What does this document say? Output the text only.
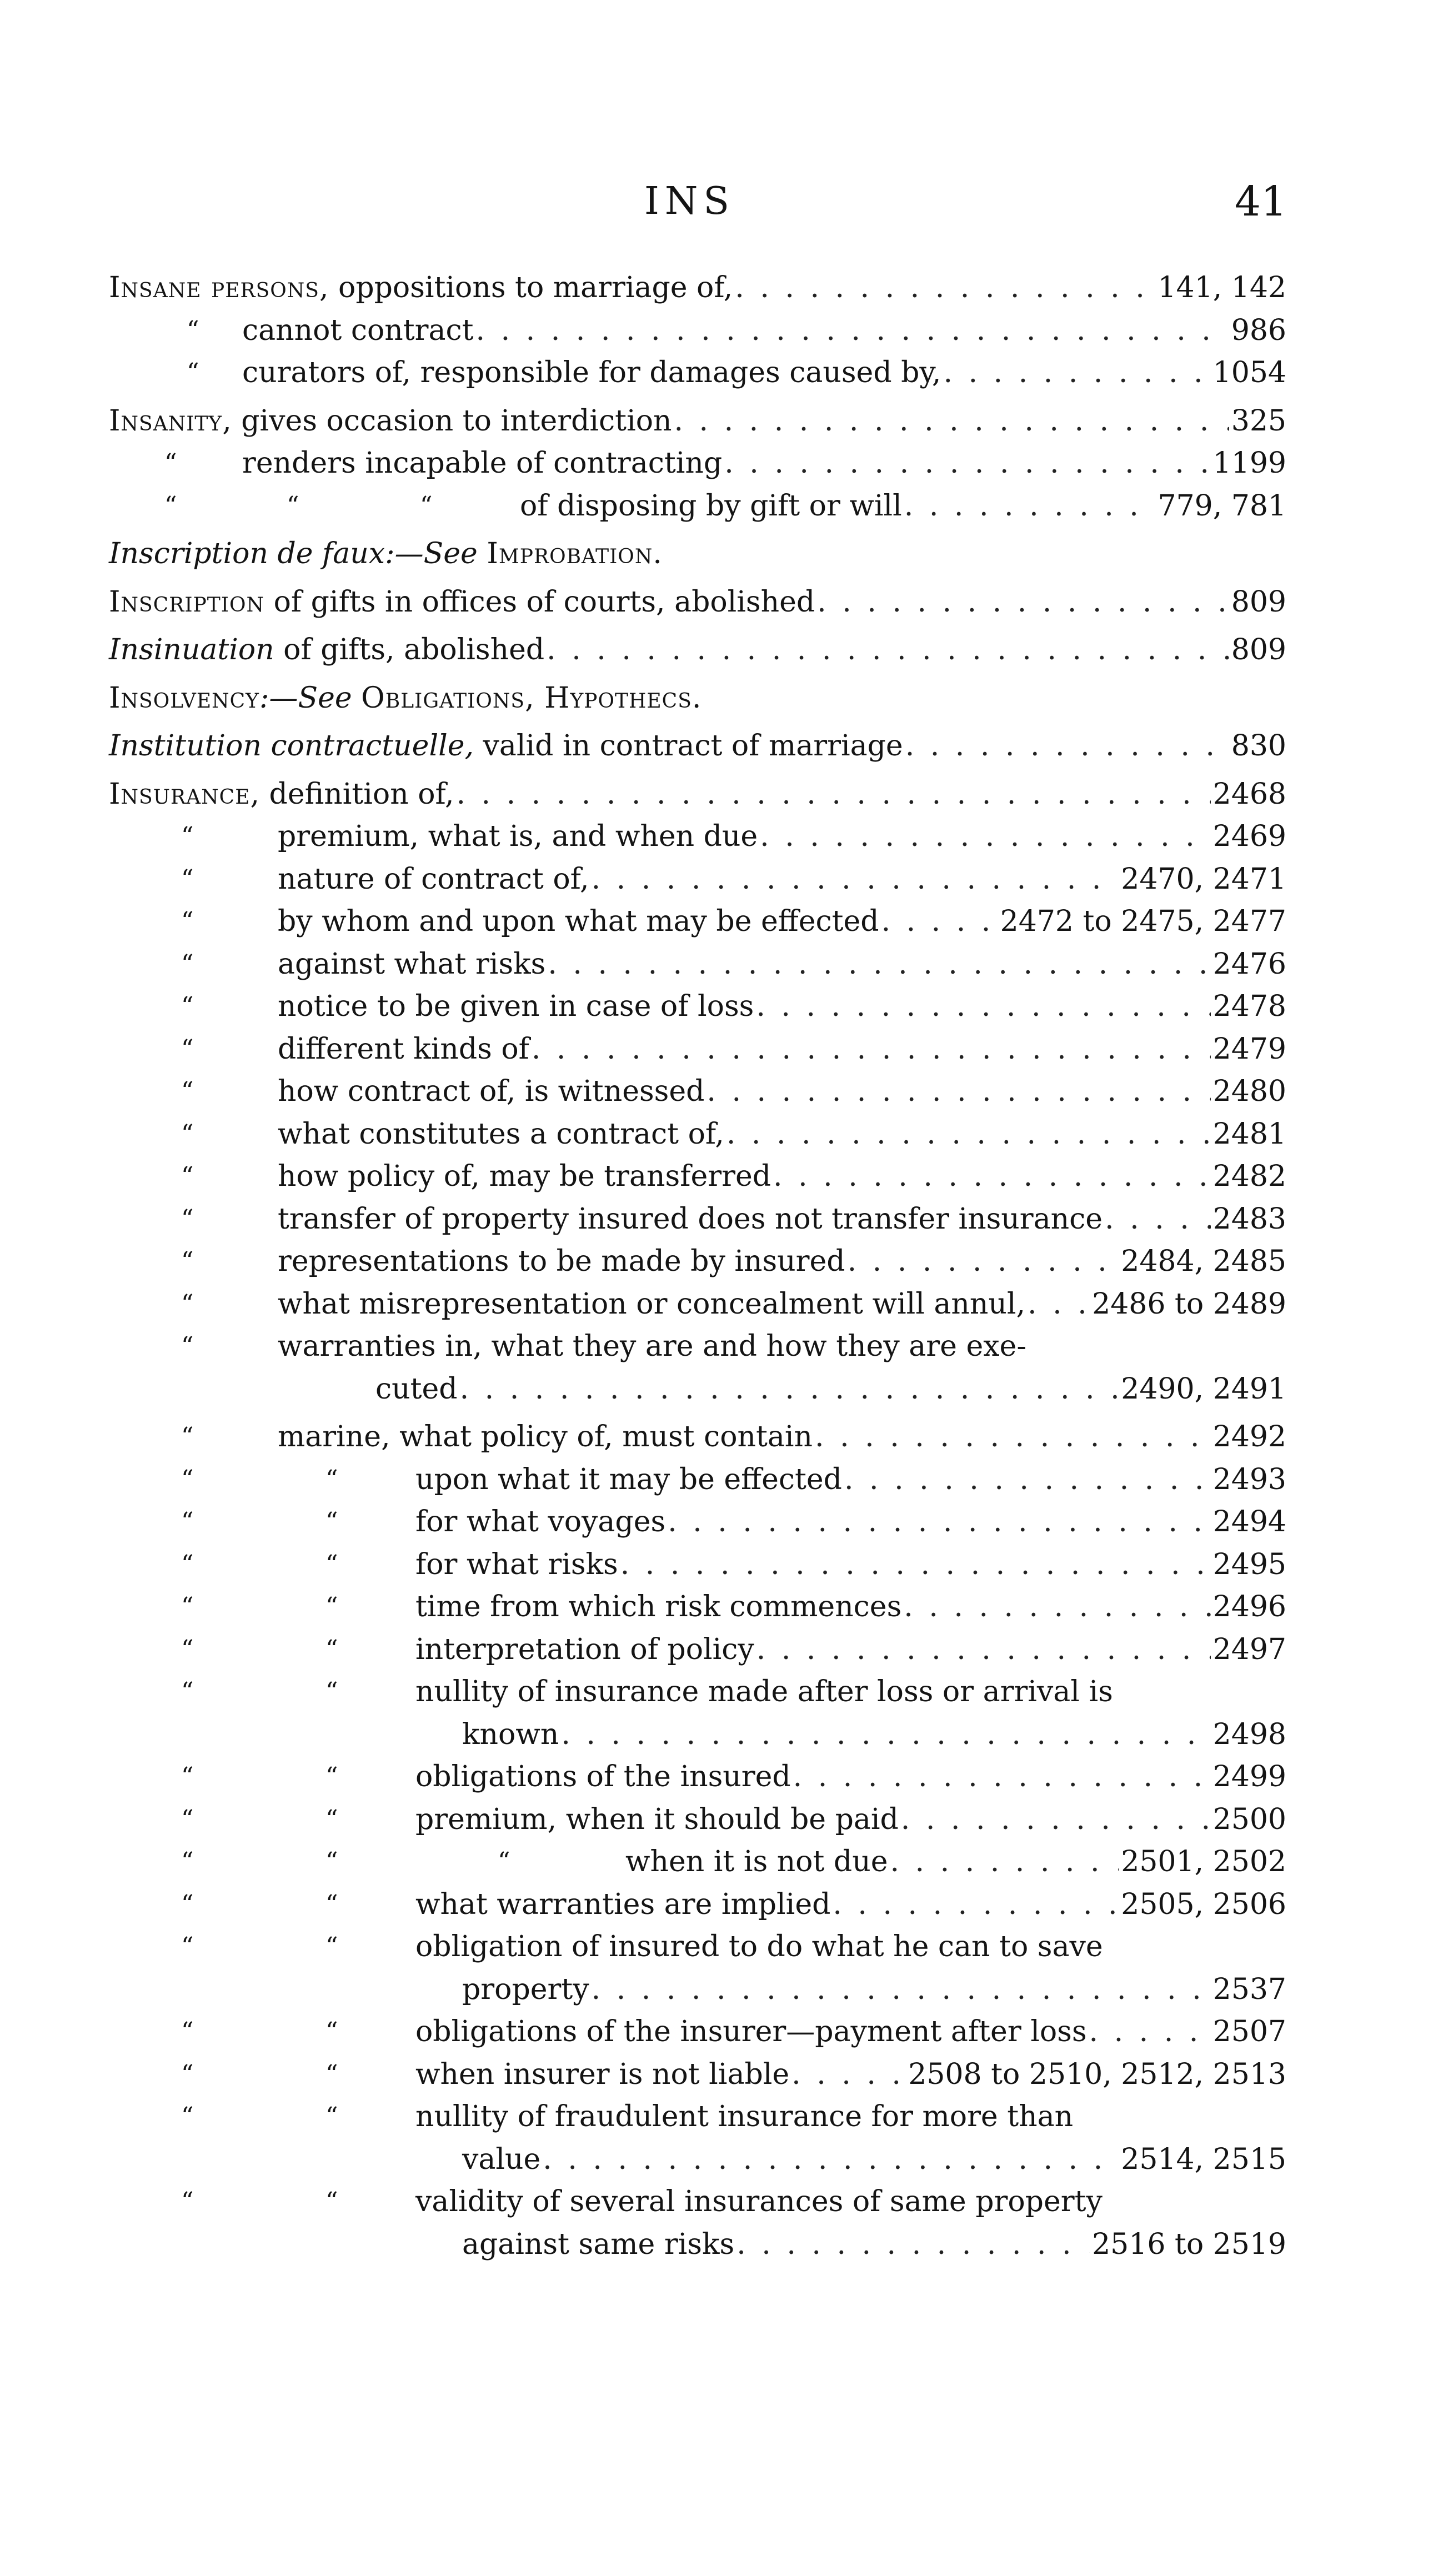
INS	41
Insane persons, oppositions to marriage of, . . .	141, 142
“ cannot contract . . .	986
“ curators of, responsible for damages caused by, . . .	1054
Insanity, gives occasion to interdiction . . .	325
“ renders incapable of contracting . . .	1199
“	“	“	of disposing by gift or will . . .	779, 781
Inscription de faux:—See Improbation.
Inscription of gifts in offices of courts, abolished . . .	809
Insinuation of gifts, abolished . . .	809
Insolvency:—See Obligations, Hypothecs.
Institution contractuelle, valid in contract of marriage . . .	830
Insurance, definition of, . . .	2468
“	premium, what is, and when due . . .	2469
“	nature of contract of, . . .	2470, 2471
“	by whom and upon what may be effected . . .	2472 to 2475, 2477
“	against what risks . . .	2476
“	notice to be given in case of loss . . .	2478
“	different kinds of . . .	2479
“	how contract of, is witnessed . . .	2480
“	what constitutes a contract of, . . .	2481
“	how policy of, may be transferred . . .	2482
“	transfer of property insured does not transfer insurance . . .	2483
“	representations to be made by insured . . .	2484, 2485
“	what misrepresentation or concealment will annul, . . . 2486 to 2489
“	warranties in, what they are and how they are exe-
cuted . . .	2490, 2491
“	marine, what policy of, must contain . . .	2492
“	“	upon what it may be effected . . .	2493
“	“	for what voyages . . .	2494
“	“	for what risks . . .	2495
“	“	time from which risk commences . . .	2496
“	“	interpretation of policy . . .	2497
“	“	nullity of insurance made after loss or arrival is
known . . .	2498
“	“	obligations of the insured . . .	2499
“	“	premium, when it should be paid . . .	2500
“	“	“	when it is not due . . .	2501, 2502
“	“	what warranties are implied . . .	2505, 2506
“	“	obligation of insured to do what he can to save
property . . .	2537
“	“	obligations of the insurer—payment after loss . . .	2507
“	“	when insurer is not liable . . .	2508 to 2510, 2512, 2513
“	“	nullity of fraudulent insurance for more than
value . . .	2514, 2515
“	“	validity of several insurances of same property
against same risks . . .	2516 to 2519
